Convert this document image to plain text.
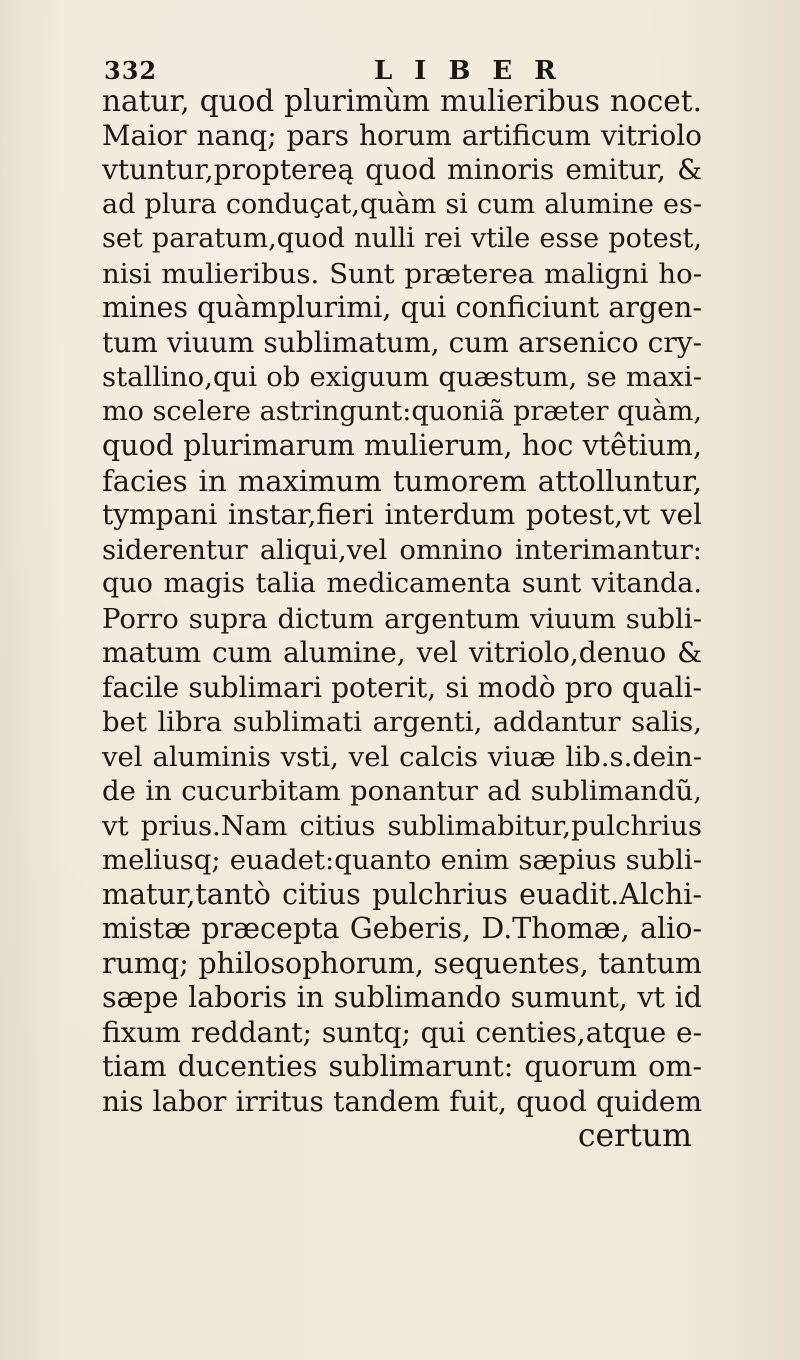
332	LIBER
natur, quod plurimùm mulieribus nocet.
Maior nanq; pars horum artificum vitriolo
vtuntur,proptereą quod minoris emitur, &
ad plura conduçat,quàm si cum alumine es-
set paratum,quod nulli rei vtile esse potest,
nisi mulieribus. Sunt præterea maligni ho-
mines quàmplurimi, qui conficiunt argen-
tum viuum sublimatum, cum arsenico cry-
stallino,qui ob exiguum quæstum, se maxi-
mo scelere astringunt:quoniã præter quàm,
quod plurimarum mulierum, hoc vtêtium,
facies in maximum tumorem attolluntur,
tympani instar,fieri interdum potest,vt vel
siderentur aliqui,vel omnino interimantur:
quo magis talia medicamenta sunt vitanda.
Porro supra dictum argentum viuum subli-
matum cum alumine, vel vitriolo,denuo &
facile sublimari poterit, si modò pro quali-
bet libra sublimati argenti, addantur salis,
vel aluminis vsti, vel calcis viuæ lib.s.dein-
de in cucurbitam ponantur ad sublimandũ,
vt prius.Nam citius sublimabitur,pulchrius
meliusq; euadet:quanto enim sæpius subli-
matur,tantò citius pulchrius euadit.Alchi-
mistæ præcepta Geberis, D.Thomæ, alio-
rumq; philosophorum, sequentes, tantum
sæpe laboris in sublimando sumunt, vt id
fixum reddant; suntq; qui centies,atque e-
tiam ducenties sublimarunt: quorum om-
nis labor irritus tandem fuit, quod quidem
certum
